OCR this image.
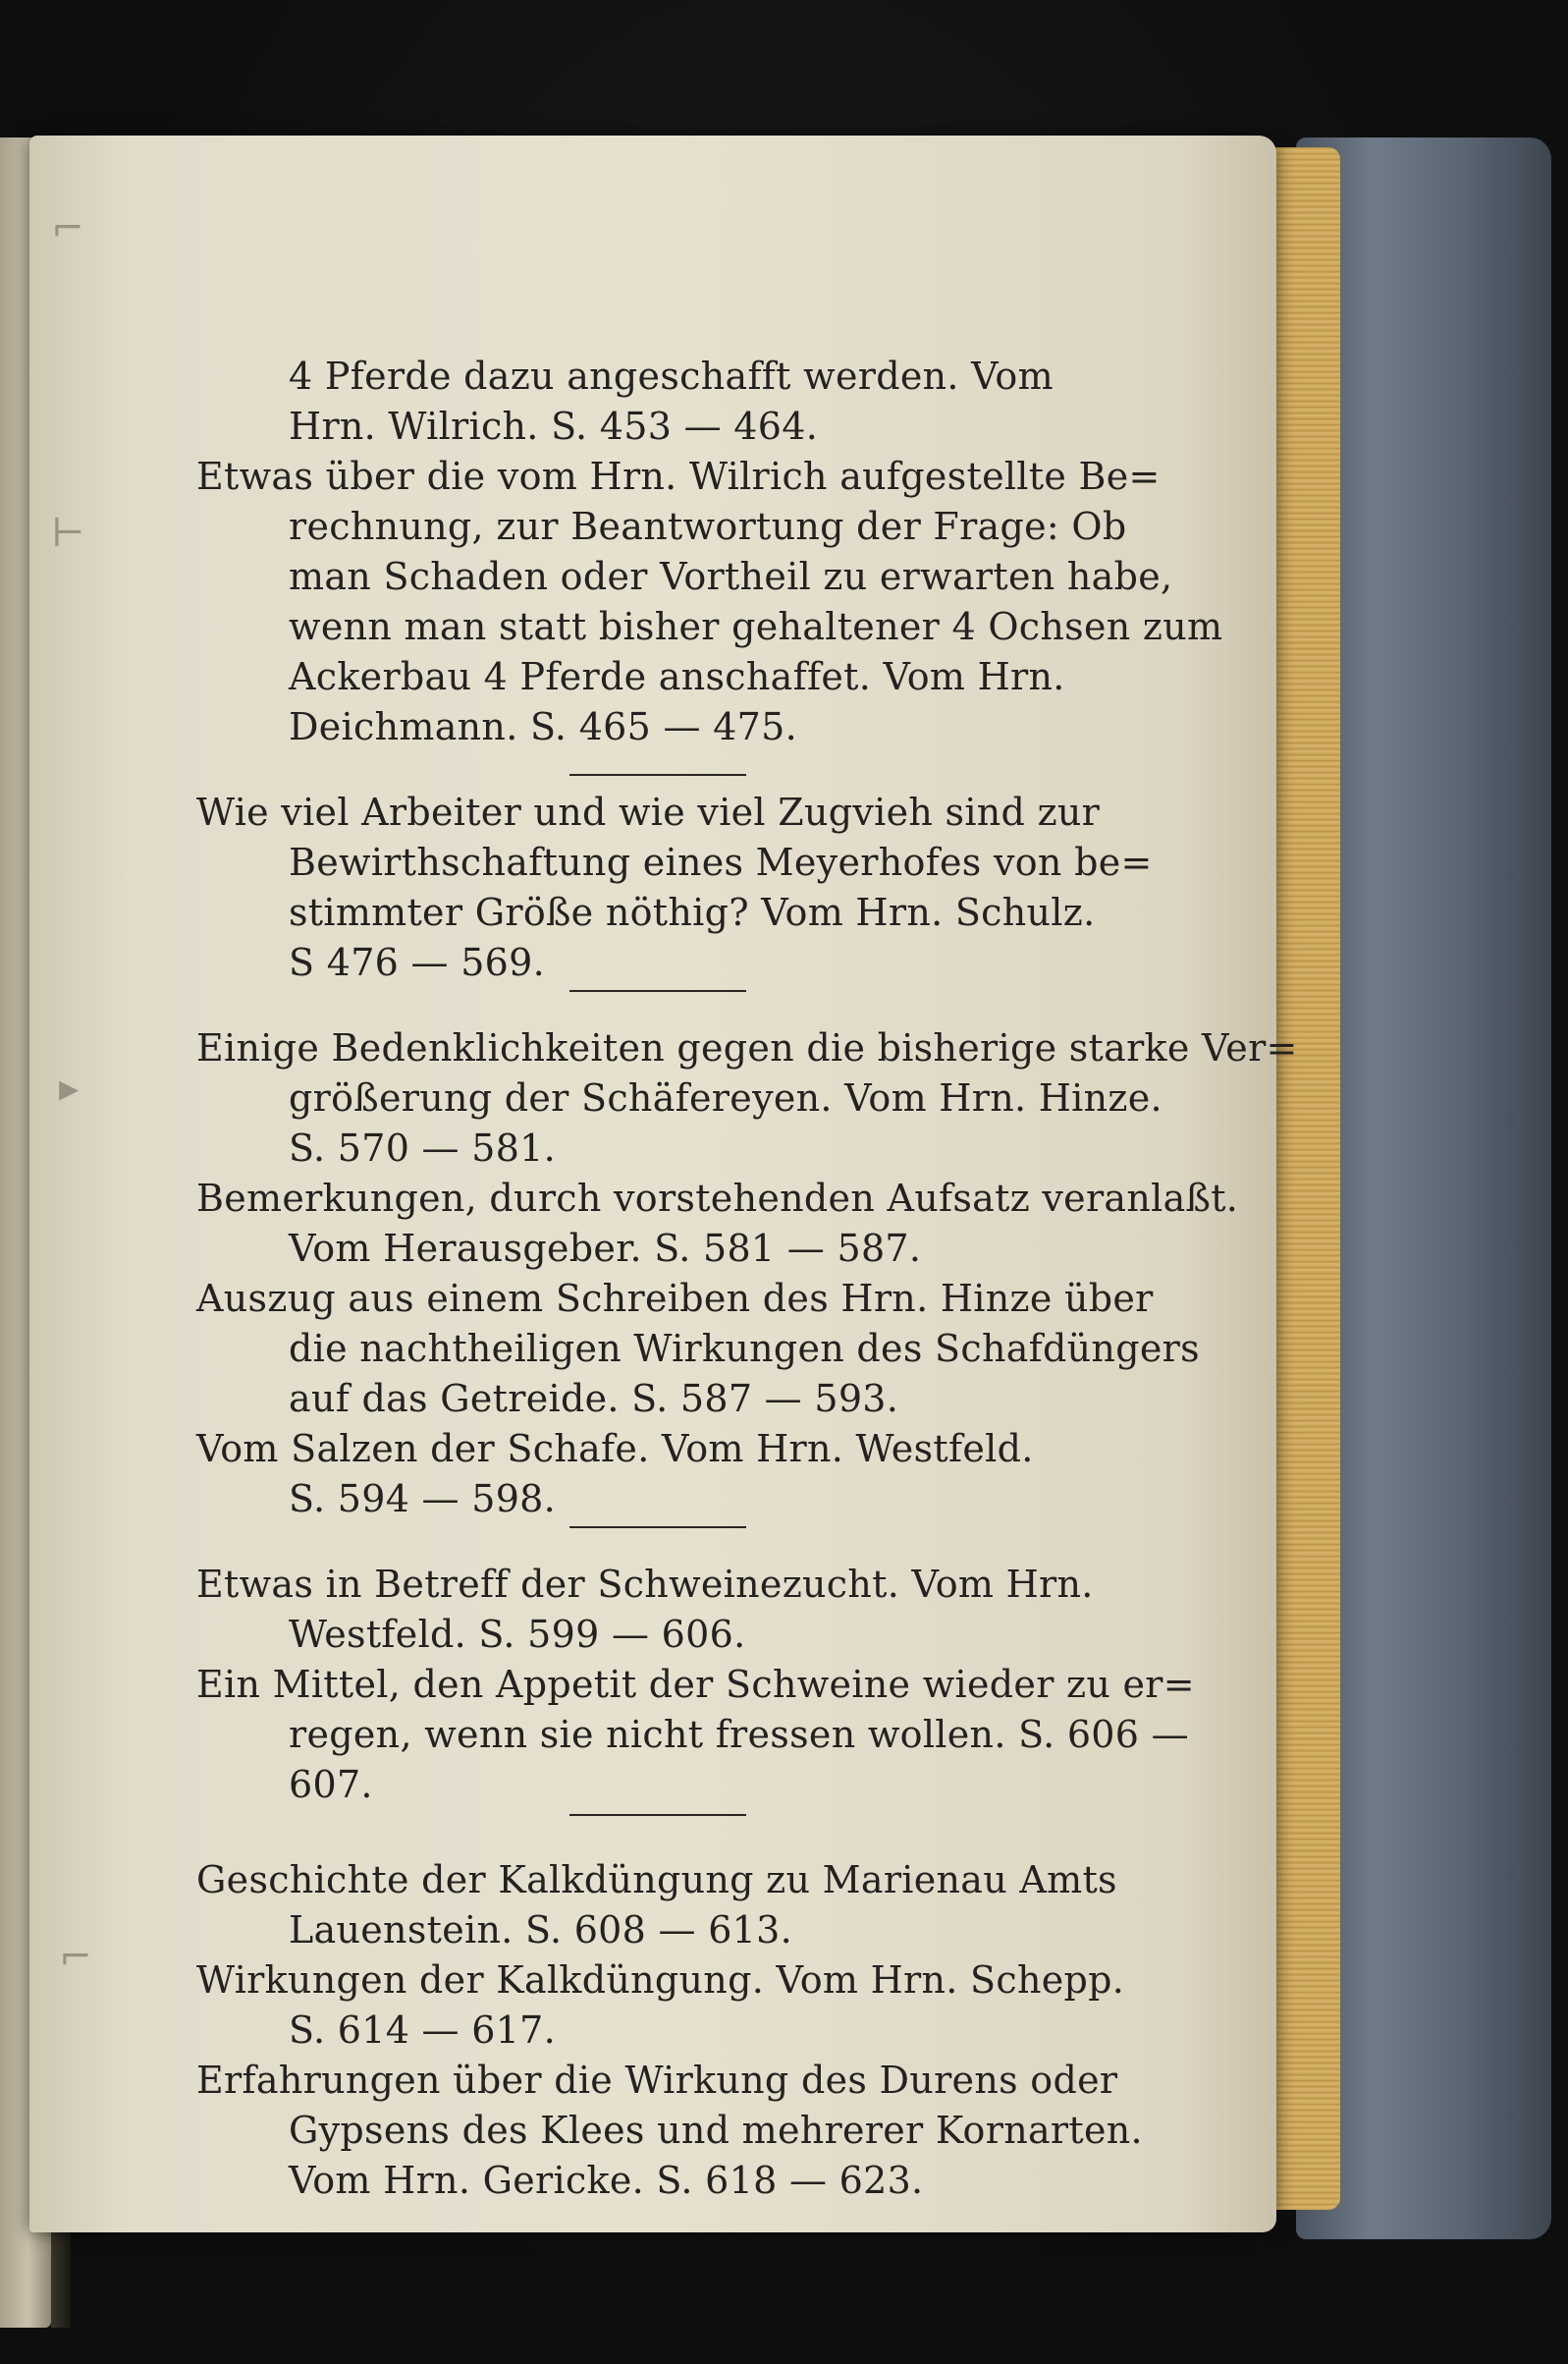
⌐
⊢
▸
⌐
4 Pferde dazu angeschafft werden. Vom
Hrn. Wilrich. S. 453 — 464.
Etwas über die vom Hrn. Wilrich aufgestellte Be=
rechnung, zur Beantwortung der Frage: Ob
man Schaden oder Vortheil zu erwarten habe,
wenn man statt bisher gehaltener 4 Ochsen zum
Ackerbau 4 Pferde anschaffet. Vom Hrn.
Deichmann. S. 465 — 475.
Wie viel Arbeiter und wie viel Zugvieh sind zur
Bewirthschaftung eines Meyerhofes von be=
stimmter Größe nöthig? Vom Hrn. Schulz.
S 476 — 569.
Einige Bedenklichkeiten gegen die bisherige starke Ver=
größerung der Schäfereyen. Vom Hrn. Hinze.
S. 570 — 581.
Bemerkungen, durch vorstehenden Aufsatz veranlaßt.
Vom Herausgeber. S. 581 — 587.
Auszug aus einem Schreiben des Hrn. Hinze über
die nachtheiligen Wirkungen des Schafdüngers
auf das Getreide. S. 587 — 593.
Vom Salzen der Schafe. Vom Hrn. Westfeld.
S. 594 — 598.
Etwas in Betreff der Schweinezucht. Vom Hrn.
Westfeld. S. 599 — 606.
Ein Mittel, den Appetit der Schweine wieder zu er=
regen, wenn sie nicht fressen wollen. S. 606 —
607.
Geschichte der Kalkdüngung zu Marienau Amts
Lauenstein. S. 608 — 613.
Wirkungen der Kalkdüngung. Vom Hrn. Schepp.
S. 614 — 617.
Erfahrungen über die Wirkung des Durens oder
Gypsens des Klees und mehrerer Kornarten.
Vom Hrn. Gericke. S. 618 — 623.
